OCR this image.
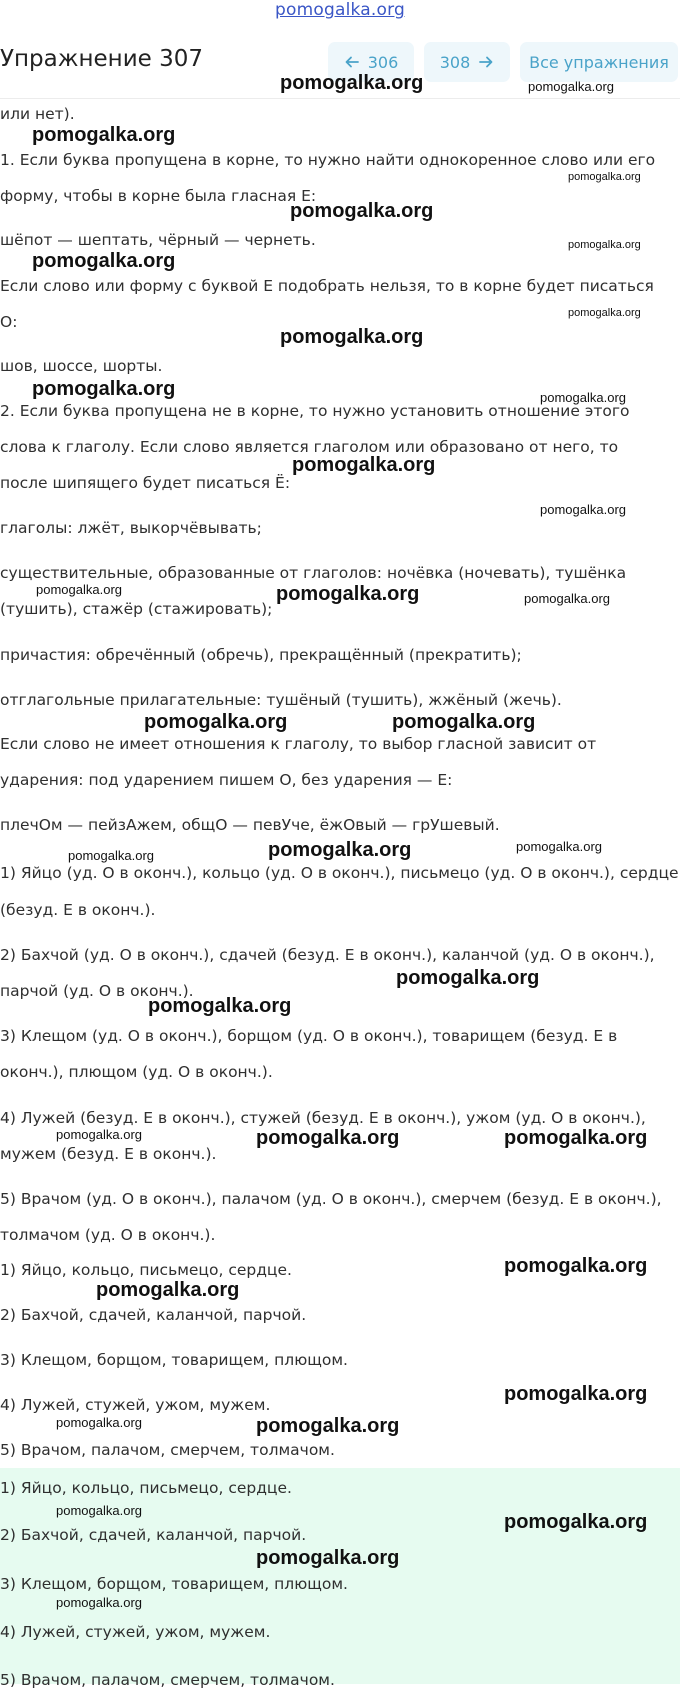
pomogalka.org
Упражнение 307	306	308	Все упражнения
или нет).
1. Если буква пропущена в корне, то нужно найти однокоренное слово или его
форму, чтобы в корне была гласная Е:
шёпот — шептать, чёрный — чернеть.
Если слово или форму с буквой Е подобрать нельзя, то в корне будет писаться
О:
шов, шоссе, шорты.
2. Если буква пропущена не в корне, то нужно установить отношение этого
слова к глаголу. Если слово является глаголом или образовано от него, то
после шипящего будет писаться Ё:
глаголы: лжёт, выкорчёвывать;
существительные, образованные от глаголов: ночёвка (ночевать), тушёнка
(тушить), стажёр (стажировать);
причастия: обречённый (обречь), прекращённый (прекратить);
отглагольные прилагательные: тушёный (тушить), жжёный (жечь).
Если слово не имеет отношения к глаголу, то выбор гласной зависит от
ударения: под ударением пишем О, без ударения — Е:
плечОм — пейзАжем, общО — певУче, ёжОвый — грУшевый.
1) Яйцо (уд. О в оконч.), кольцо (уд. О в оконч.), письмецо (уд. О в оконч.), сердце
(безуд. Е в оконч.).
2) Бахчой (уд. О в оконч.), сдачей (безуд. Е в оконч.), каланчой (уд. О в оконч.),
парчой (уд. О в оконч.).
3) Клещом (уд. О в оконч.), борщом (уд. О в оконч.), товарищем (безуд. Е в
оконч.), плющом (уд. О в оконч.).
4) Лужей (безуд. Е в оконч.), стужей (безуд. Е в оконч.), ужом (уд. О в оконч.),
мужем (безуд. Е в оконч.).
5) Врачом (уд. О в оконч.), палачом (уд. О в оконч.), смерчем (безуд. Е в оконч.),
толмачом (уд. О в оконч.).
1) Яйцо, кольцо, письмецо, сердце.
2) Бахчой, сдачей, каланчой, парчой.
3) Клещом, борщом, товарищем, плющом.
4) Лужей, стужей, ужом, мужем.
5) Врачом, палачом, смерчем, толмачом.
1) Яйцо, кольцо, письмецо, сердце.
2) Бахчой, сдачей, каланчой, парчой.
3) Клещом, борщом, товарищем, плющом.
4) Лужей, стужей, ужом, мужем.
5) Врачом, палачом, смерчем, толмачом.
pomogalka.org	pomogalka.org
pomogalka.org
pomogalka.org
pomogalka.org
pomogalka.org
pomogalka.org
pomogalka.org
pomogalka.org
pomogalka.org	pomogalka.org
pomogalka.org
pomogalka.org
pomogalka.org	pomogalka.org	pomogalka.org
pomogalka.org	pomogalka.org
pomogalka.org	pomogalka.org
pomogalka.org
pomogalka.org
pomogalka.org
pomogalka.org	pomogalka.org	pomogalka.org
pomogalka.org
pomogalka.org
pomogalka.org
pomogalka.org	pomogalka.org
pomogalka.org
pomogalka.org
pomogalka.org
pomogalka.org
